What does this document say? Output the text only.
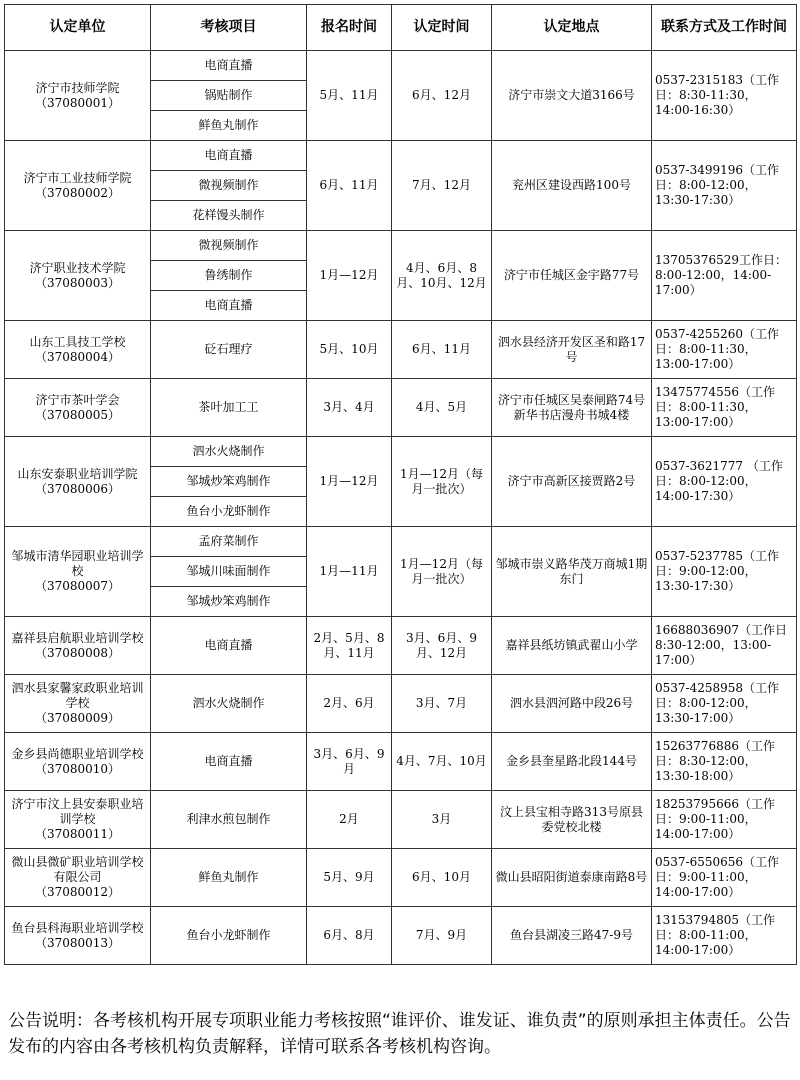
认定单位	考核项目	报名时间	认定时间	认定地点	联系方式及工作时间
济宁市技师学院
（37080001）	电商直播	5月、11月	6月、12月	济宁市崇文大道3166号	0537-2315183（工作日：8:30-11:30，14:00-16:30）
	锅贴制作				
	鲜鱼丸制作				
济宁市工业技师学院
（37080002）	电商直播	6月、11月	7月、12月	兖州区建设西路100号	0537-3499196（工作日：8:00-12:00，13:30-17:30）
	微视频制作				
	花样馒头制作				
济宁职业技术学院
（37080003）	微视频制作	1月—12月	4月、6月、8月、10月、12月	济宁市任城区金宇路77号	13705376529工作日：8:00-12:00，14:00-17:00）
	鲁绣制作				
	电商直播				
山东工具技工学校
（37080004）	砭石理疗	5月、10月	6月、11月	泗水县经济开发区圣和路17号	0537-4255260（工作日：8:00-11:30，13:00-17:00）
济宁市茶叶学会
（37080005）	茶叶加工工	3月、4月	4月、5月	济宁市任城区吴泰闸路74号新华书店漫舟书城4楼	13475774556（工作日：8:00-11:30，13:00-17:00）
山东安泰职业培训学院
（37080006）	泗水火烧制作	1月—12月	1月—12月（每月一批次）	济宁市高新区接贾路2号	0537-3621777 （工作日：8:00-12:00，14:00-17:30）
	邹城炒笨鸡制作				
	鱼台小龙虾制作				
邹城市清华园职业培训学校
（37080007）	孟府菜制作	1月—11月	1月—12月（每月一批次）	邹城市崇义路华茂万商城1期东门	0537-5237785（工作日：9:00-12:00，13:30-17:30）
	邹城川味面制作				
	邹城炒笨鸡制作				
嘉祥县启航职业培训学校
（37080008）	电商直播	2月、5月、8月、11月	3月、6月、9月、12月	嘉祥县纸坊镇武翟山小学	16688036907（工作日8:30-12:00，13:00-17:00）
泗水县家馨家政职业培训学校
（37080009）	泗水火烧制作	2月、6月	3月、7月	泗水县泗河路中段26号	0537-4258958（工作日：8:00-12:00，13:30-17:00）
金乡县尚德职业培训学校
（37080010）	电商直播	3月、6月、9月	4月、7月、10月	金乡县奎星路北段144号	15263776886（工作日：8:30-12:00，13:30-18:00）
济宁市汶上县安泰职业培训学校
（37080011）	利津水煎包制作	2月	3月	汶上县宝相寺路313号原县委党校北楼	18253795666（工作日：9:00-11:00，14:00-17:00）
微山县微矿职业培训学校有限公司
（37080012）	鲜鱼丸制作	5月、9月	6月、10月	微山县昭阳街道泰康南路8号	0537-6550656（工作日：9:00-11:00，14:00-17:00）
鱼台县科海职业培训学校
（37080013）	鱼台小龙虾制作	6月、8月	7月、9月	鱼台县湖凌三路47-9号	13153794805（工作日：8:00-11:00，14:00-17:00）
公告说明：各考核机构开展专项职业能力考核按照“谁评价、谁发证、谁负责”的原则承担主体责任。公告发布的内容由各考核机构负责解释，详情可联系各考核机构咨询。
